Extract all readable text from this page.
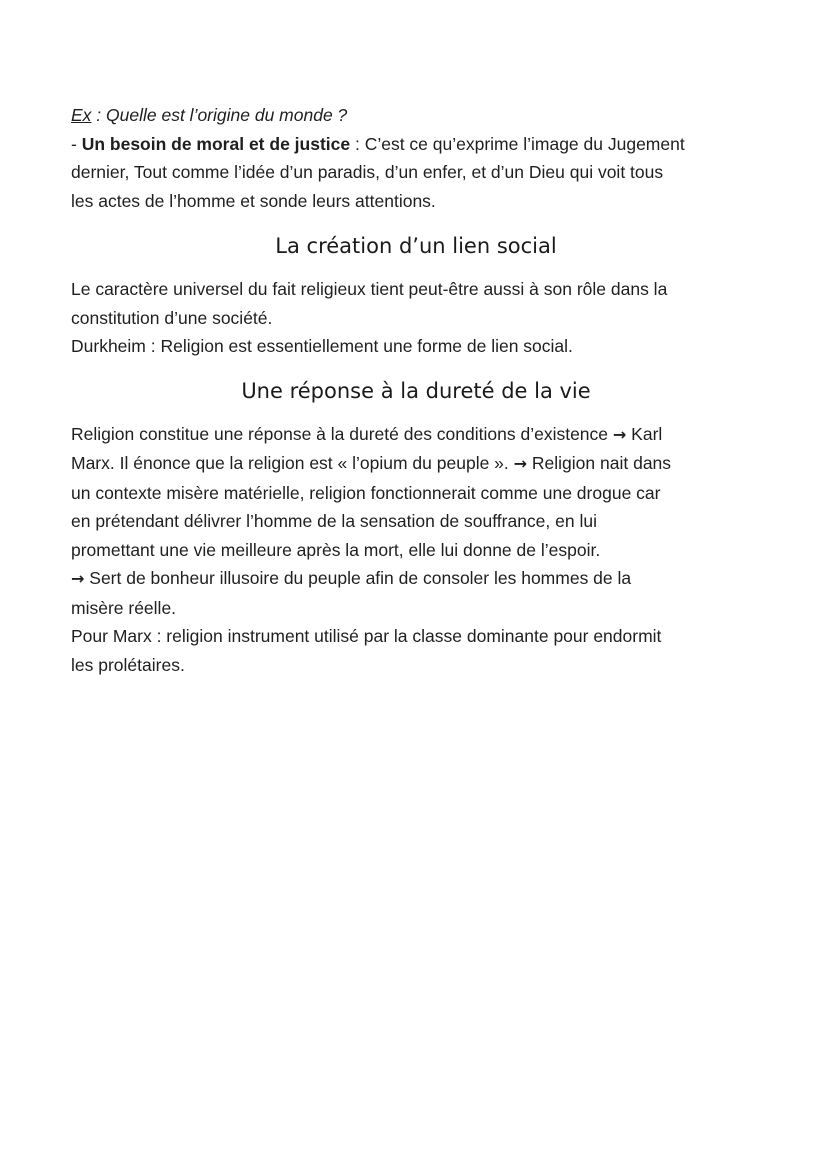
Ex : Quelle est l’origine du monde ?
- Un besoin de moral et de justice : C’est ce qu’exprime l’image du Jugement
dernier, Tout comme l’idée d’un paradis, d’un enfer, et d’un Dieu qui voit tous
les actes de l’homme et sonde leurs attentions.
La création d’un lien social
Le caractère universel du fait religieux tient peut-être aussi à son rôle dans la
constitution d’une société.
Durkheim : Religion est essentiellement une forme de lien social.
Une réponse à la dureté de la vie
Religion constitue une réponse à la dureté des conditions d’existence → Karl
Marx. Il énonce que la religion est « l’opium du peuple ». → Religion nait dans
un contexte misère matérielle, religion fonctionnerait comme une drogue car
en prétendant délivrer l’homme de la sensation de souffrance, en lui
promettant une vie meilleure après la mort, elle lui donne de l’espoir.
→ Sert de bonheur illusoire du peuple afin de consoler les hommes de la
misère réelle.
Pour Marx : religion instrument utilisé par la classe dominante pour endormit
les prolétaires.
